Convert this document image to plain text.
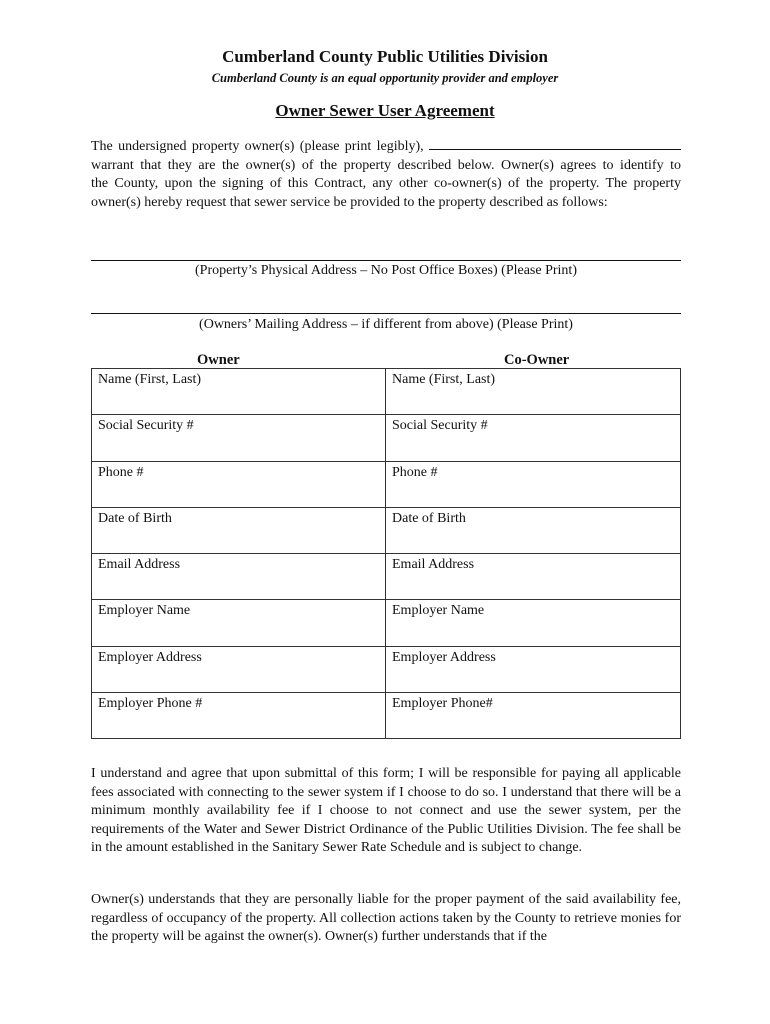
Cumberland County Public Utilities Division
Cumberland County is an equal opportunity provider and employer
Owner Sewer User Agreement
The undersigned property owner(s) (please print legibly),
warrant that they are the owner(s) of the property described below. Owner(s) agrees to identify to
the County, upon the signing of this Contract, any other co-owner(s) of the property. The property
owner(s) hereby request that sewer service be provided to the property described as follows:
(Property’s Physical Address – No Post Office Boxes) (Please Print)
(Owners’ Mailing Address – if different from above) (Please Print)
Owner	Co-Owner
Name (First, Last)	Name (First, Last)
Social Security #	Social Security #
Phone #	Phone #
Date of Birth	Date of Birth
Email Address	Email Address
Employer Name	Employer Name
Employer Address	Employer Address
Employer Phone #	Employer Phone#
I understand and agree that upon submittal of this form; I will be responsible for paying all applicable fees associated with connecting to the sewer system if I choose to do so. I understand that there will be a minimum monthly availability fee if I choose to not connect and use the sewer system, per the requirements of the Water and Sewer District Ordinance of the Public Utilities Division. The fee shall be in the amount established in the Sanitary Sewer Rate Schedule and is subject to change.
Owner(s) understands that they are personally liable for the proper payment of the said availability fee, regardless of occupancy of the property. All collection actions taken by the County to retrieve monies for the property will be against the owner(s). Owner(s) further understands that if the
